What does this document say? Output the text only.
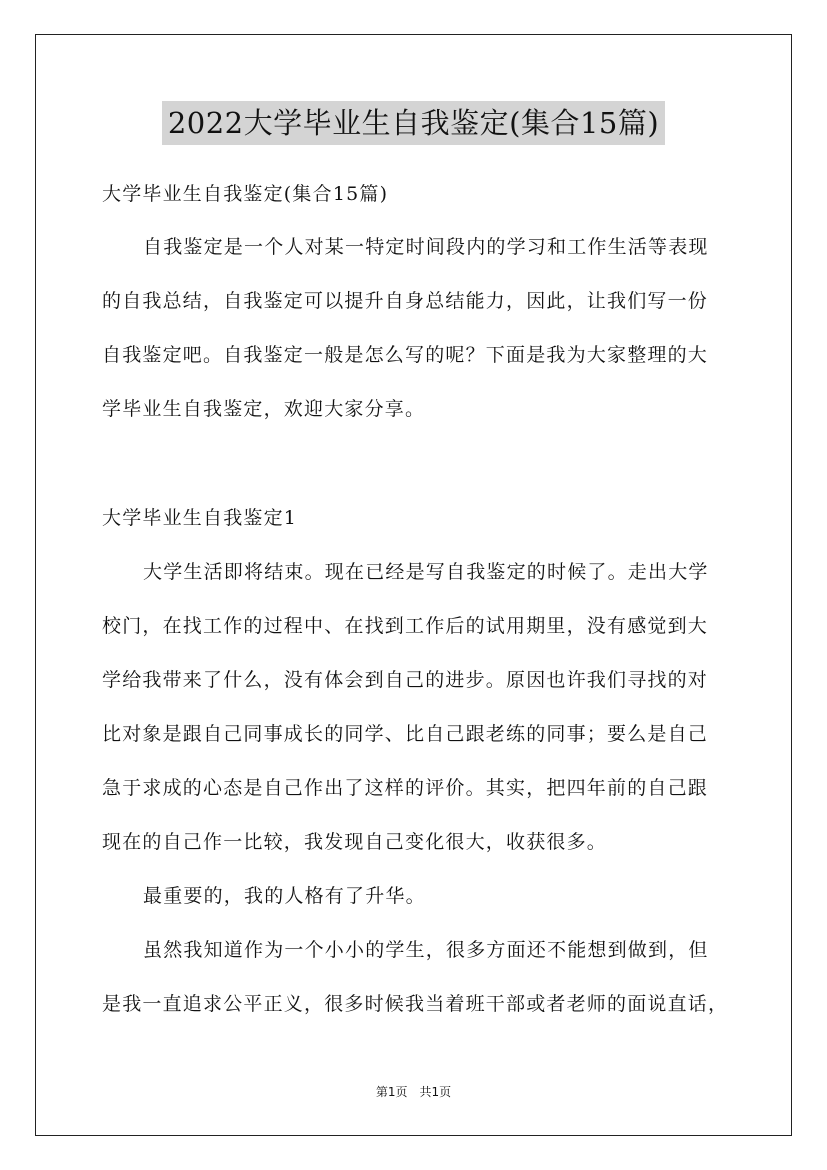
2022大学毕业生自我鉴定(集合15篇)
大学毕业生自我鉴定(集合15篇)
自我鉴定是一个人对某一特定时间段内的学习和工作生活等表现
的自我总结，自我鉴定可以提升自身总结能力，因此，让我们写一份
自我鉴定吧。自我鉴定一般是怎么写的呢？下面是我为大家整理的大
学毕业生自我鉴定，欢迎大家分享。
大学毕业生自我鉴定1
大学生活即将结束。现在已经是写自我鉴定的时候了。走出大学
校门，在找工作的过程中、在找到工作后的试用期里，没有感觉到大
学给我带来了什么，没有体会到自己的进步。原因也许我们寻找的对
比对象是跟自己同事成长的同学、比自己跟老练的同事；要么是自己
急于求成的心态是自己作出了这样的评价。其实，把四年前的自己跟
现在的自己作一比较，我发现自己变化很大，收获很多。
最重要的，我的人格有了升华。
虽然我知道作为一个小小的学生，很多方面还不能想到做到，但
是我一直追求公平正义，很多时候我当着班干部或者老师的面说直话，
第1页　共1页
